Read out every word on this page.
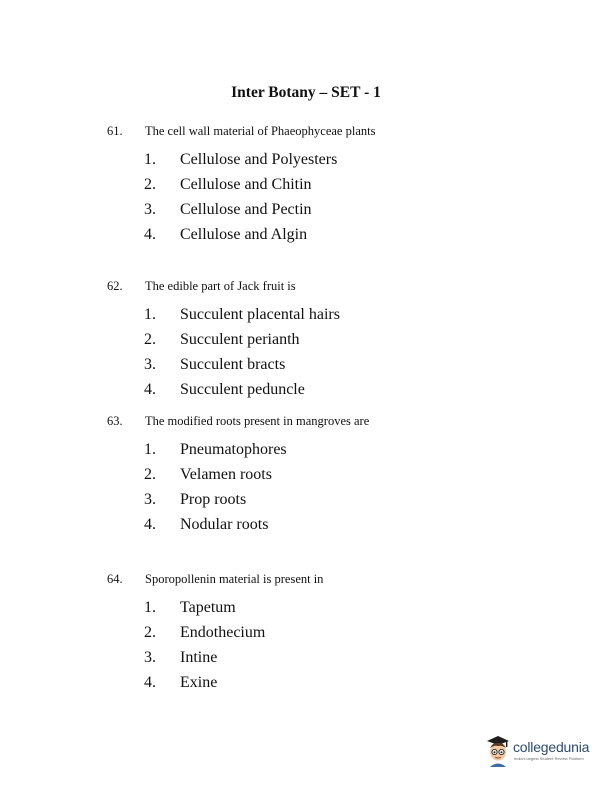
Inter Botany – SET - 1
61. The cell wall material of Phaeophyceae plants
1. Cellulose and Polyesters
2. Cellulose and Chitin
3. Cellulose and Pectin
4. Cellulose and Algin
62. The edible part of Jack fruit is
1. Succulent placental hairs
2. Succulent perianth
3. Succulent bracts
4. Succulent peduncle
63. The modified roots present in mangroves are
1. Pneumatophores
2. Velamen roots
3. Prop roots
4. Nodular roots
64. Sporopollenin material is present in
1. Tapetum
2. Endothecium
3. Intine
4. Exine
collegedunia
India's largest Student Review Platform
